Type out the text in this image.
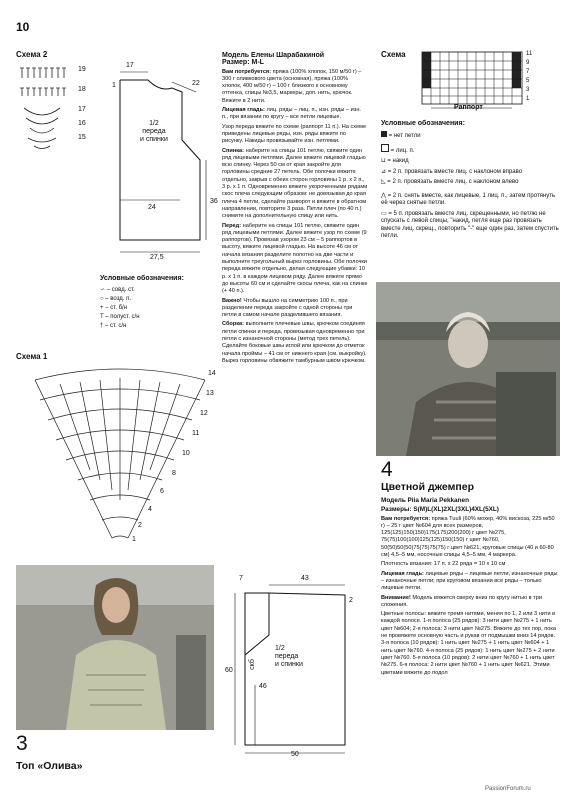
10
Схема 2
19
18
17
16
15
17
22
1
24
36
27,5
1/2
переда
и спинки
Условные обозначения:
∽ – совд. ст.
○ – возд. п.
+ – ст. б/н
T – полуст. с/н
† – ст. с/н
Схема 1
14
13
12
11
10
8
6
4
2
1
3
Топ «Олива»
Модель Елены Шарабакиной
Размер: M-L
Вам потребуется: пряжа (100% хлопок, 150 м/50 г) – 300 г оливкового цвета (основная), пряжа (100% хлопок, 400 м/50 г) – 100 г близкого к основному оттенка, спицы №3,5, маркеры, доп. нить, крючок. Вяжите в 2 нити.
Лицевая гладь: лиц. ряды – лиц. п., изн. ряды – изн. п., при вязании по кругу – все петли лицевые.
Узор переда вяжите по схеме (раппорт 11 п.). На схеме приведены лицевые ряды, изн. ряды вяжите по рисунку. Накиды провязывайте изн. петлями.
Спинка: наберите на спицы 101 петлю, свяжите один ряд лицевыми петлями. Далее вяжите лицевой гладью всю спинку. Через 50 см от края закройте для горловины средние 27 петель. Обе полочки вяжите отдельно, закрыв с обеих сторон горловины 1 р. х 2 п., 3 р. х 1 п. Одновременно вяжите укороченными рядами скос плеча следующим образом: не довязывая до края плеча 4 петли, сделайте разворот и вяжите в обратном направлении, повторите 3 раза. Петли плеч (по 40 п.) снимите на дополнительную спицу или нить.
Перед: наберите на спицы 101 петлю, свяжите один ряд лицевыми петлями. Далее вяжите узор по схеме (9 раппортов). Провязав узором 23 см – 5 раппортов в высоту, вяжите лицевой гладью. На высоте 46 см от начала вязания разделите полотно на две части и выполните треугольный вырез горловины. Обе полочки переда вяжите отдельно, делая следующие убавки: 10 р. х 1 п. в каждом лицевом ряду. Далее вяжите прямо до высоты 60 см и сделайте скосы плеча, как на спинке (+ 40 п.).
Важно! Чтобы вышло на симметрию 100 п., при разделении переда закройте с одной стороны три петли в самом начале разделившего вязания.
Сборка: выполните плечевые швы, крючком соединяя петли спинки и переда, провязывая одновременно три петли с изнаночной стороны (метод трех петель). Сделайте боковые швы иглой или крючком до отметок начала проймы – 41 см от нижнего края (см. выкройку). Вырез горловины обвяжите тамбурным швом крючком.
7	43
2
60
46
50
скб
1/2
переда
и спинки
Схема	11
9
7
5
3
1
Раппорт
Условные обозначения:
= нет петли
= лиц. п.
⊔ = накид
⊿ = 2 п. провязать вместе лиц. с наклоном вправо
◺ = 2 п. провязать вместе лиц. с наклоном влево
⋀ = 2 п. снять вместе, как лицевые, 1 лиц. п., затем протянуть её через снятые петли.
▭ = 5 п. провязать вместе лиц. скрещенными, но петлю не спускать с левой спицы, "накид, петля еще раз провязать вместе лиц. скрещ., повторить "-" еще один раз, затем спустить петли.
4
Цветной джемпер
Модель Piia Maria Pekkanen
Размеры: S(M)L(XL)2XL(3XL)4XL(5XL)
Вам потребуется: пряжа Tuuli (60% мохер, 40% вискоза, 225 м/50 г) – 25 г цвет №604 для всех размеров, 125(125)150(150)175(175)200(200) г цвет №275, 75(75)100(100)125(125)150(150) г цвет №760, 50(50)50(50)75(75)75(75) г цвет №621, круговые спицы (40 и 60-80 см) 4,5–5 мм, носочные спицы 4,5–5 мм, 4 маркера.
Плотность вязания: 17 п. х 22 ряда = 10 х 10 см
Лицевая гладь: лицевые ряды – лицевые петли, изнаночные ряды – изнаночные петли; при круговом вязании все ряды – только лицевые петли.
Внимание! Модель вяжется сверху вниз по кругу нитью в три сложения.
Цветные полосы: вяжите тремя нитями, меняя по 1, 2 или 3 нити в каждой полосе. 1-я полоса (25 рядов): 3 нити цвет №275 + 1 нить цвет №604; 2-я полоса: 3 нити цвет №275. Вяжите до тех пор, пока не провяжете основную часть и рукав от подмышки вниз 14 рядов. 3-я полоса (10 рядов): 1 нить цвет №275 + 1 нить цвет №604 + 1 нить цвет №760. 4-я полоса (25 рядов): 1 нить цвет №275 + 2 нити цвет №760. 5-я полоса (10 рядов): 2 нити цвет №760 + 1 нить цвет №275. 6-я полоса: 2 нити цвет №760 + 1 нить цвет №621. Этими цветами вяжите до подол
PassionForum.ru
